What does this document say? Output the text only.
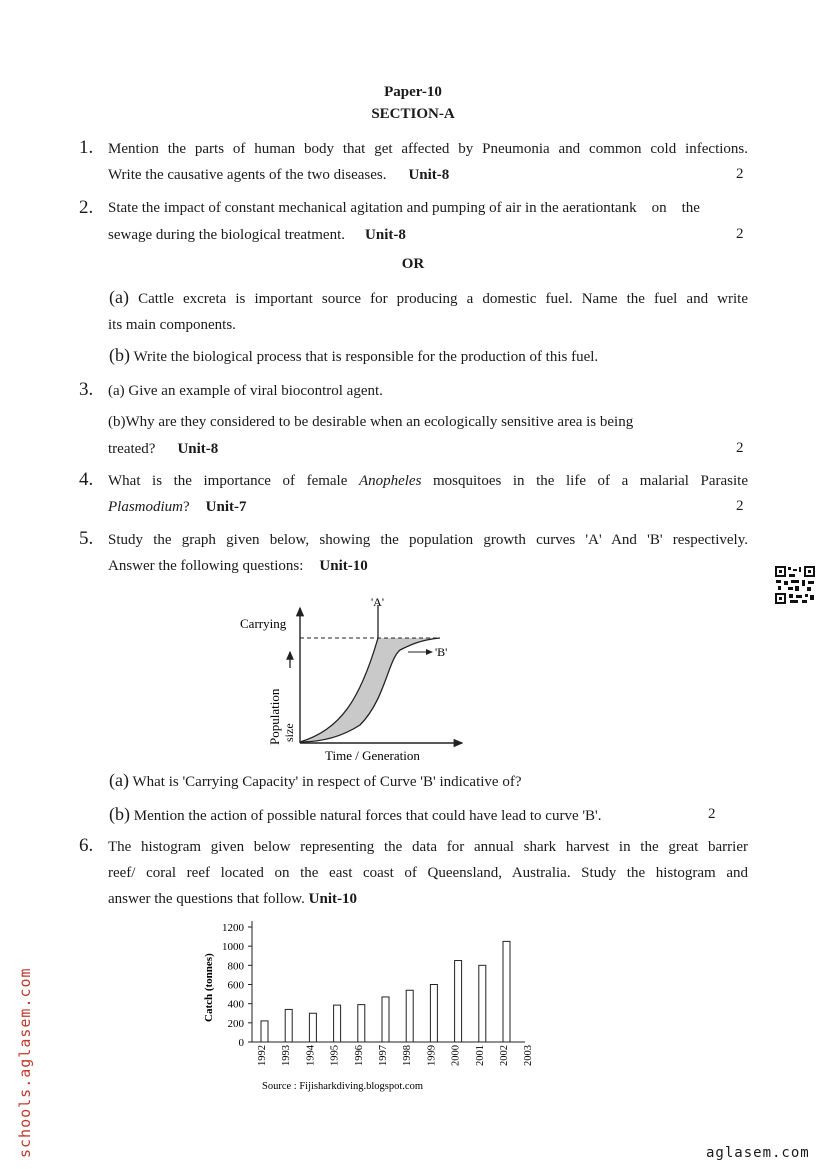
Paper-10
SECTION-A
1. Mention the parts of human body that get affected by Pneumonia and common cold infections.
Write the causative agents of the two diseases. Unit-8	2
2. State the impact of constant mechanical agitation and pumping of air in the aerationtank    on    the
sewage during the biological treatment. Unit-8	2
OR
(a) Cattle excreta is important source for producing a domestic fuel. Name the fuel and write
its main components.
(b) Write the biological process that is responsible for the production of this fuel.
3. (a) Give an example of viral biocontrol agent.
(b)Why are they considered to be desirable when an ecologically sensitive area is being
treated? Unit-8	2
4. What is the importance of female Anopheles mosquitoes in the life of a malarial Parasite
Plasmodium? Unit-7	2
5. Study the graph given below, showing the population growth curves 'A' And 'B' respectively.
Answer the following questions: Unit-10
Carrying
'A'
'B'
Population size
Time / Generation
(a) What is 'Carrying Capacity' in respect of Curve 'B' indicative of?
(b) Mention the action of possible natural forces that could have lead to curve 'B'.	2
6. The histogram given below representing the data for annual shark harvest in the great barrier
reef/ coral reef located on the east coast of Queensland, Australia. Study the histogram and
answer the questions that follow. Unit-10
0
200
400
600
800
1000
1200
1992 1993 1994 1995 1996 1997 1998 1999 2000 2001 2002 2003
Catch (tonnes)
Source : Fijisharkdiving.blogspot.com
schools.aglasem.com	aglasem.com
